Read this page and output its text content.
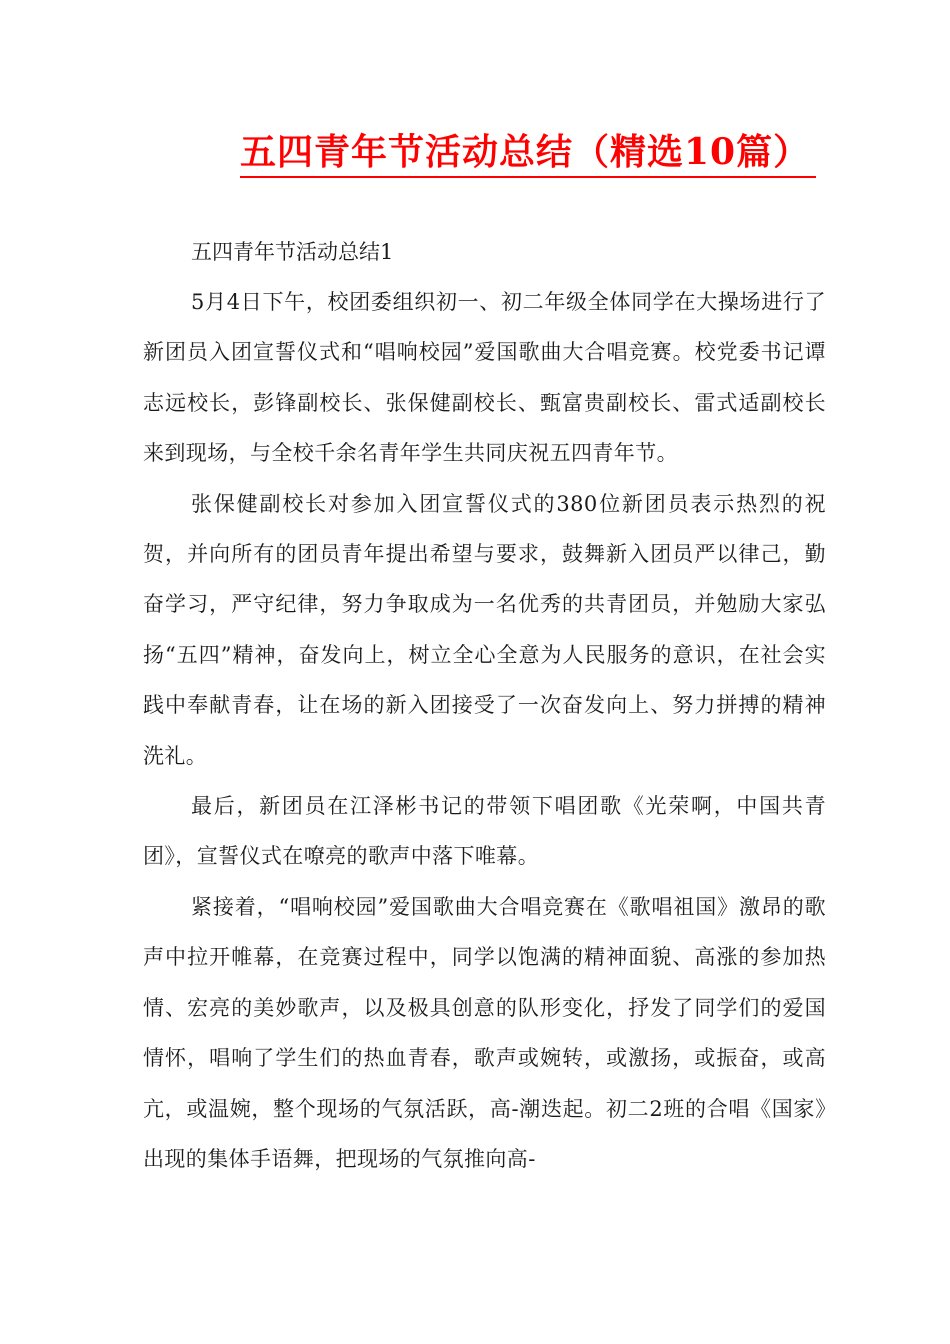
五四青年节活动总结（精选10篇）

五四青年节活动总结1

5月4日下午，校团委组织初一、初二年级全体同学在大操场进行了新团员入团宣誓仪式和“唱响校园”爱国歌曲大合唱竞赛。校党委书记谭志远校长，彭锋副校长、张保健副校长、甄富贵副校长、雷式适副校长来到现场，与全校千余名青年学生共同庆祝五四青年节。

张保健副校长对参加入团宣誓仪式的380位新团员表示热烈的祝贺，并向所有的团员青年提出希望与要求，鼓舞新入团员严以律己，勤奋学习，严守纪律，努力争取成为一名优秀的共青团员，并勉励大家弘扬“五四”精神，奋发向上，树立全心全意为人民服务的意识，在社会实践中奉献青春，让在场的新入团接受了一次奋发向上、努力拼搏的精神洗礼。

最后，新团员在江泽彬书记的带领下唱团歌《光荣啊，中国共青团》，宣誓仪式在嘹亮的歌声中落下唯幕。

紧接着，“唱响校园”爱国歌曲大合唱竞赛在《歌唱祖国》激昂的歌声中拉开帷幕，在竞赛过程中，同学以饱满的精神面貌、高涨的参加热情、宏亮的美妙歌声，以及极具创意的队形变化，抒发了同学们的爱国情怀，唱响了学生们的热血青春，歌声或婉转，或激扬，或振奋，或高亢，或温婉，整个现场的气氛活跃，高-潮迭起。初二2班的合唱《国家》出现的集体手语舞，把现场的气氛推向高-
